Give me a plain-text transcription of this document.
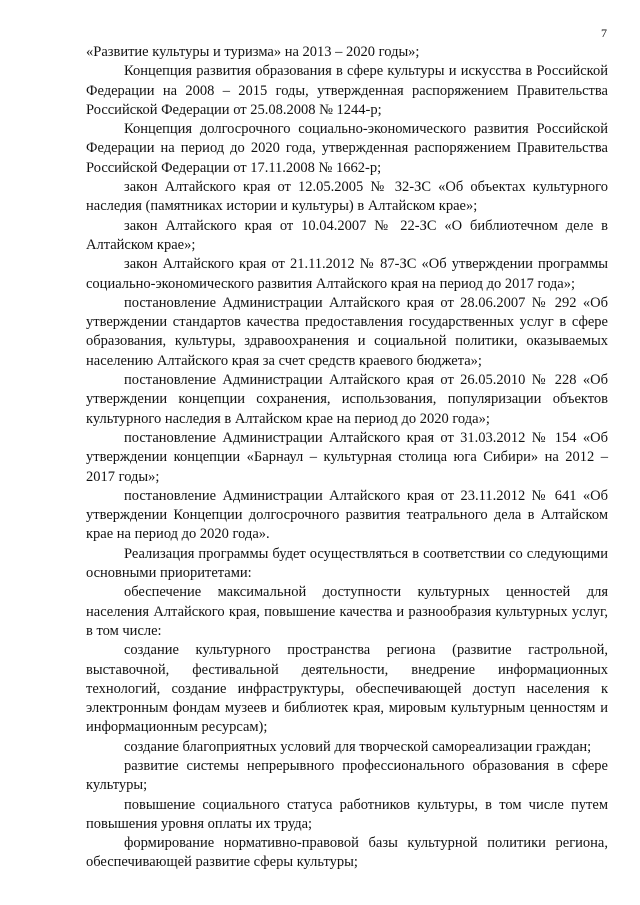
7

«Развитие культуры и туризма» на 2013 – 2020 годы»;

Концепция развития образования в сфере культуры и искусства в Российской Федерации на 2008 – 2015 годы, утвержденная распоряжением Правительства Российской Федерации от 25.08.2008 № 1244-р;

Концепция долгосрочного социально-экономического развития Российской Федерации на период до 2020 года, утвержденная распоряжением Правительства Российской Федерации от 17.11.2008 № 1662-р;

закон Алтайского края от 12.05.2005 № 32-ЗС «Об объектах культурного наследия (памятниках истории и культуры) в Алтайском крае»;

закон Алтайского края от 10.04.2007 № 22-ЗС «О библиотечном деле в Алтайском крае»;

закон Алтайского края от 21.11.2012 № 87-ЗС «Об утверждении программы социально-экономического развития Алтайского края на период до 2017 года»;

постановление Администрации Алтайского края от 28.06.2007 № 292 «Об утверждении стандартов качества предоставления государственных услуг в сфере образования, культуры, здравоохранения и социальной политики, оказываемых населению Алтайского края за счет средств краевого бюджета»;

постановление Администрации Алтайского края от 26.05.2010 № 228 «Об утверждении концепции сохранения, использования, популяризации объектов культурного наследия в Алтайском крае на период до 2020 года»;

постановление Администрации Алтайского края от 31.03.2012 № 154 «Об утверждении концепции «Барнаул – культурная столица юга Сибири» на 2012 – 2017 годы»;

постановление Администрации Алтайского края от 23.11.2012 № 641 «Об утверждении Концепции долгосрочного развития театрального дела в Алтайском крае на период до 2020 года».

Реализация программы будет осуществляться в соответствии со следующими основными приоритетами:

обеспечение максимальной доступности культурных ценностей для населения Алтайского края, повышение качества и разнообразия культурных услуг, в том числе:

создание культурного пространства региона (развитие гастрольной, выставочной, фестивальной деятельности, внедрение информационных технологий, создание инфраструктуры, обеспечивающей доступ населения к электронным фондам музеев и библиотек края, мировым культурным ценностям и информационным ресурсам);

создание благоприятных условий для творческой самореализации граждан;

развитие системы непрерывного профессионального образования в сфере культуры;

повышение социального статуса работников культуры, в том числе путем повышения уровня оплаты их труда;

формирование нормативно-правовой базы культурной политики региона, обеспечивающей развитие сферы культуры;
